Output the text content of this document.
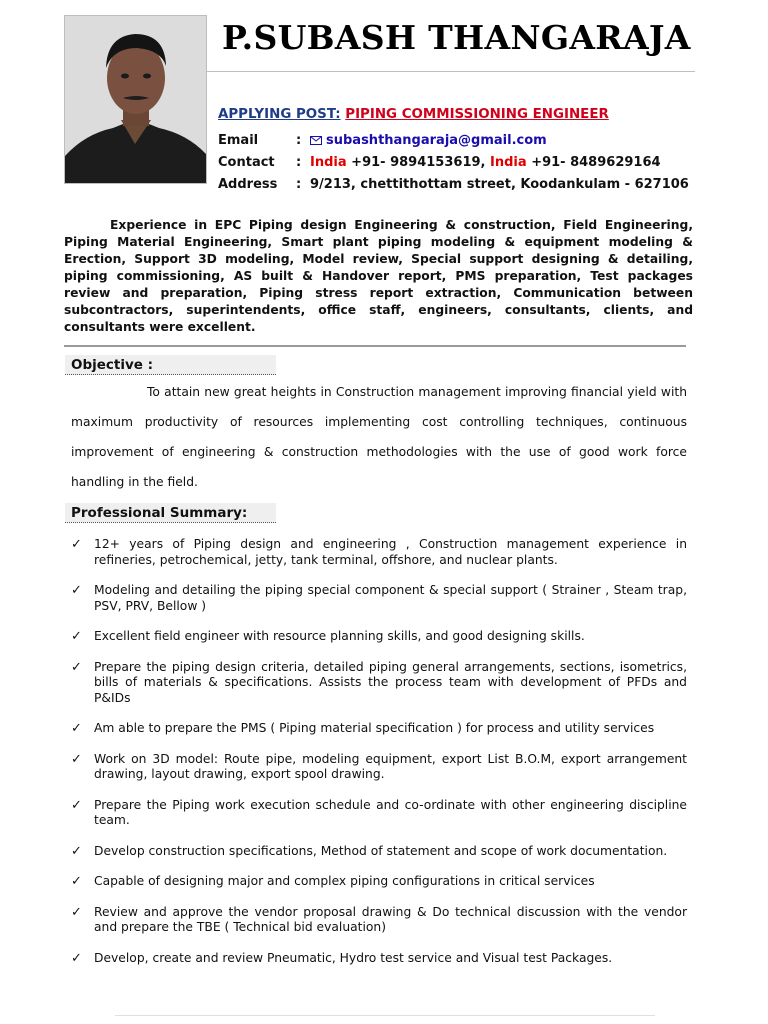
P.SUBASH THANGARAJA
APPLYING POST: PIPING COMMISSIONING ENGINEER
Email	:	subashthangaraja@gmail.com
Contact	: India +91- 9894153619, India +91- 8489629164
Address	: 9/213, chettithottam street, Koodankulam - 627106

Experience in EPC Piping design Engineering & construction, Field Engineering, Piping Material Engineering, Smart plant piping modeling & equipment modeling & Erection, Support 3D modeling, Model review, Special support designing & detailing, piping commissioning, AS built & Handover report, PMS preparation, Test packages review and preparation, Piping stress report extraction, Communication between subcontractors, superintendents, office staff, engineers, consultants, clients, and consultants were excellent.

Objective :

To attain new great heights in Construction management improving financial yield with maximum productivity of resources implementing cost controlling techniques, continuous improvement of engineering & construction methodologies with the use of good work force handling in the field.

Professional Summary:
✓ 12+ years of Piping design and engineering , Construction management experience in refineries, petrochemical, jetty, tank terminal, offshore, and nuclear plants.
✓ Modeling and detailing the piping special component & special support ( Strainer , Steam trap, PSV, PRV, Bellow )
✓ Excellent field engineer with resource planning skills, and good designing skills.
✓ Prepare the piping design criteria, detailed piping general arrangements, sections, isometrics, bills of materials & specifications. Assists the process team with development of PFDs and P&IDs
✓ Am able to prepare the PMS ( Piping material specification ) for process and utility services
✓ Work on 3D model: Route pipe, modeling equipment, export List B.O.M, export arrangement drawing, layout drawing, export spool drawing.
✓ Prepare the Piping work execution schedule and co-ordinate with other engineering discipline team.
✓ Develop construction specifications, Method of statement and scope of work documentation.
✓ Capable of designing major and complex piping configurations in critical services
✓ Review and approve the vendor proposal drawing & Do technical discussion with the vendor and prepare the TBE ( Technical bid evaluation)
✓ Develop, create and review Pneumatic, Hydro test service and Visual test Packages.
